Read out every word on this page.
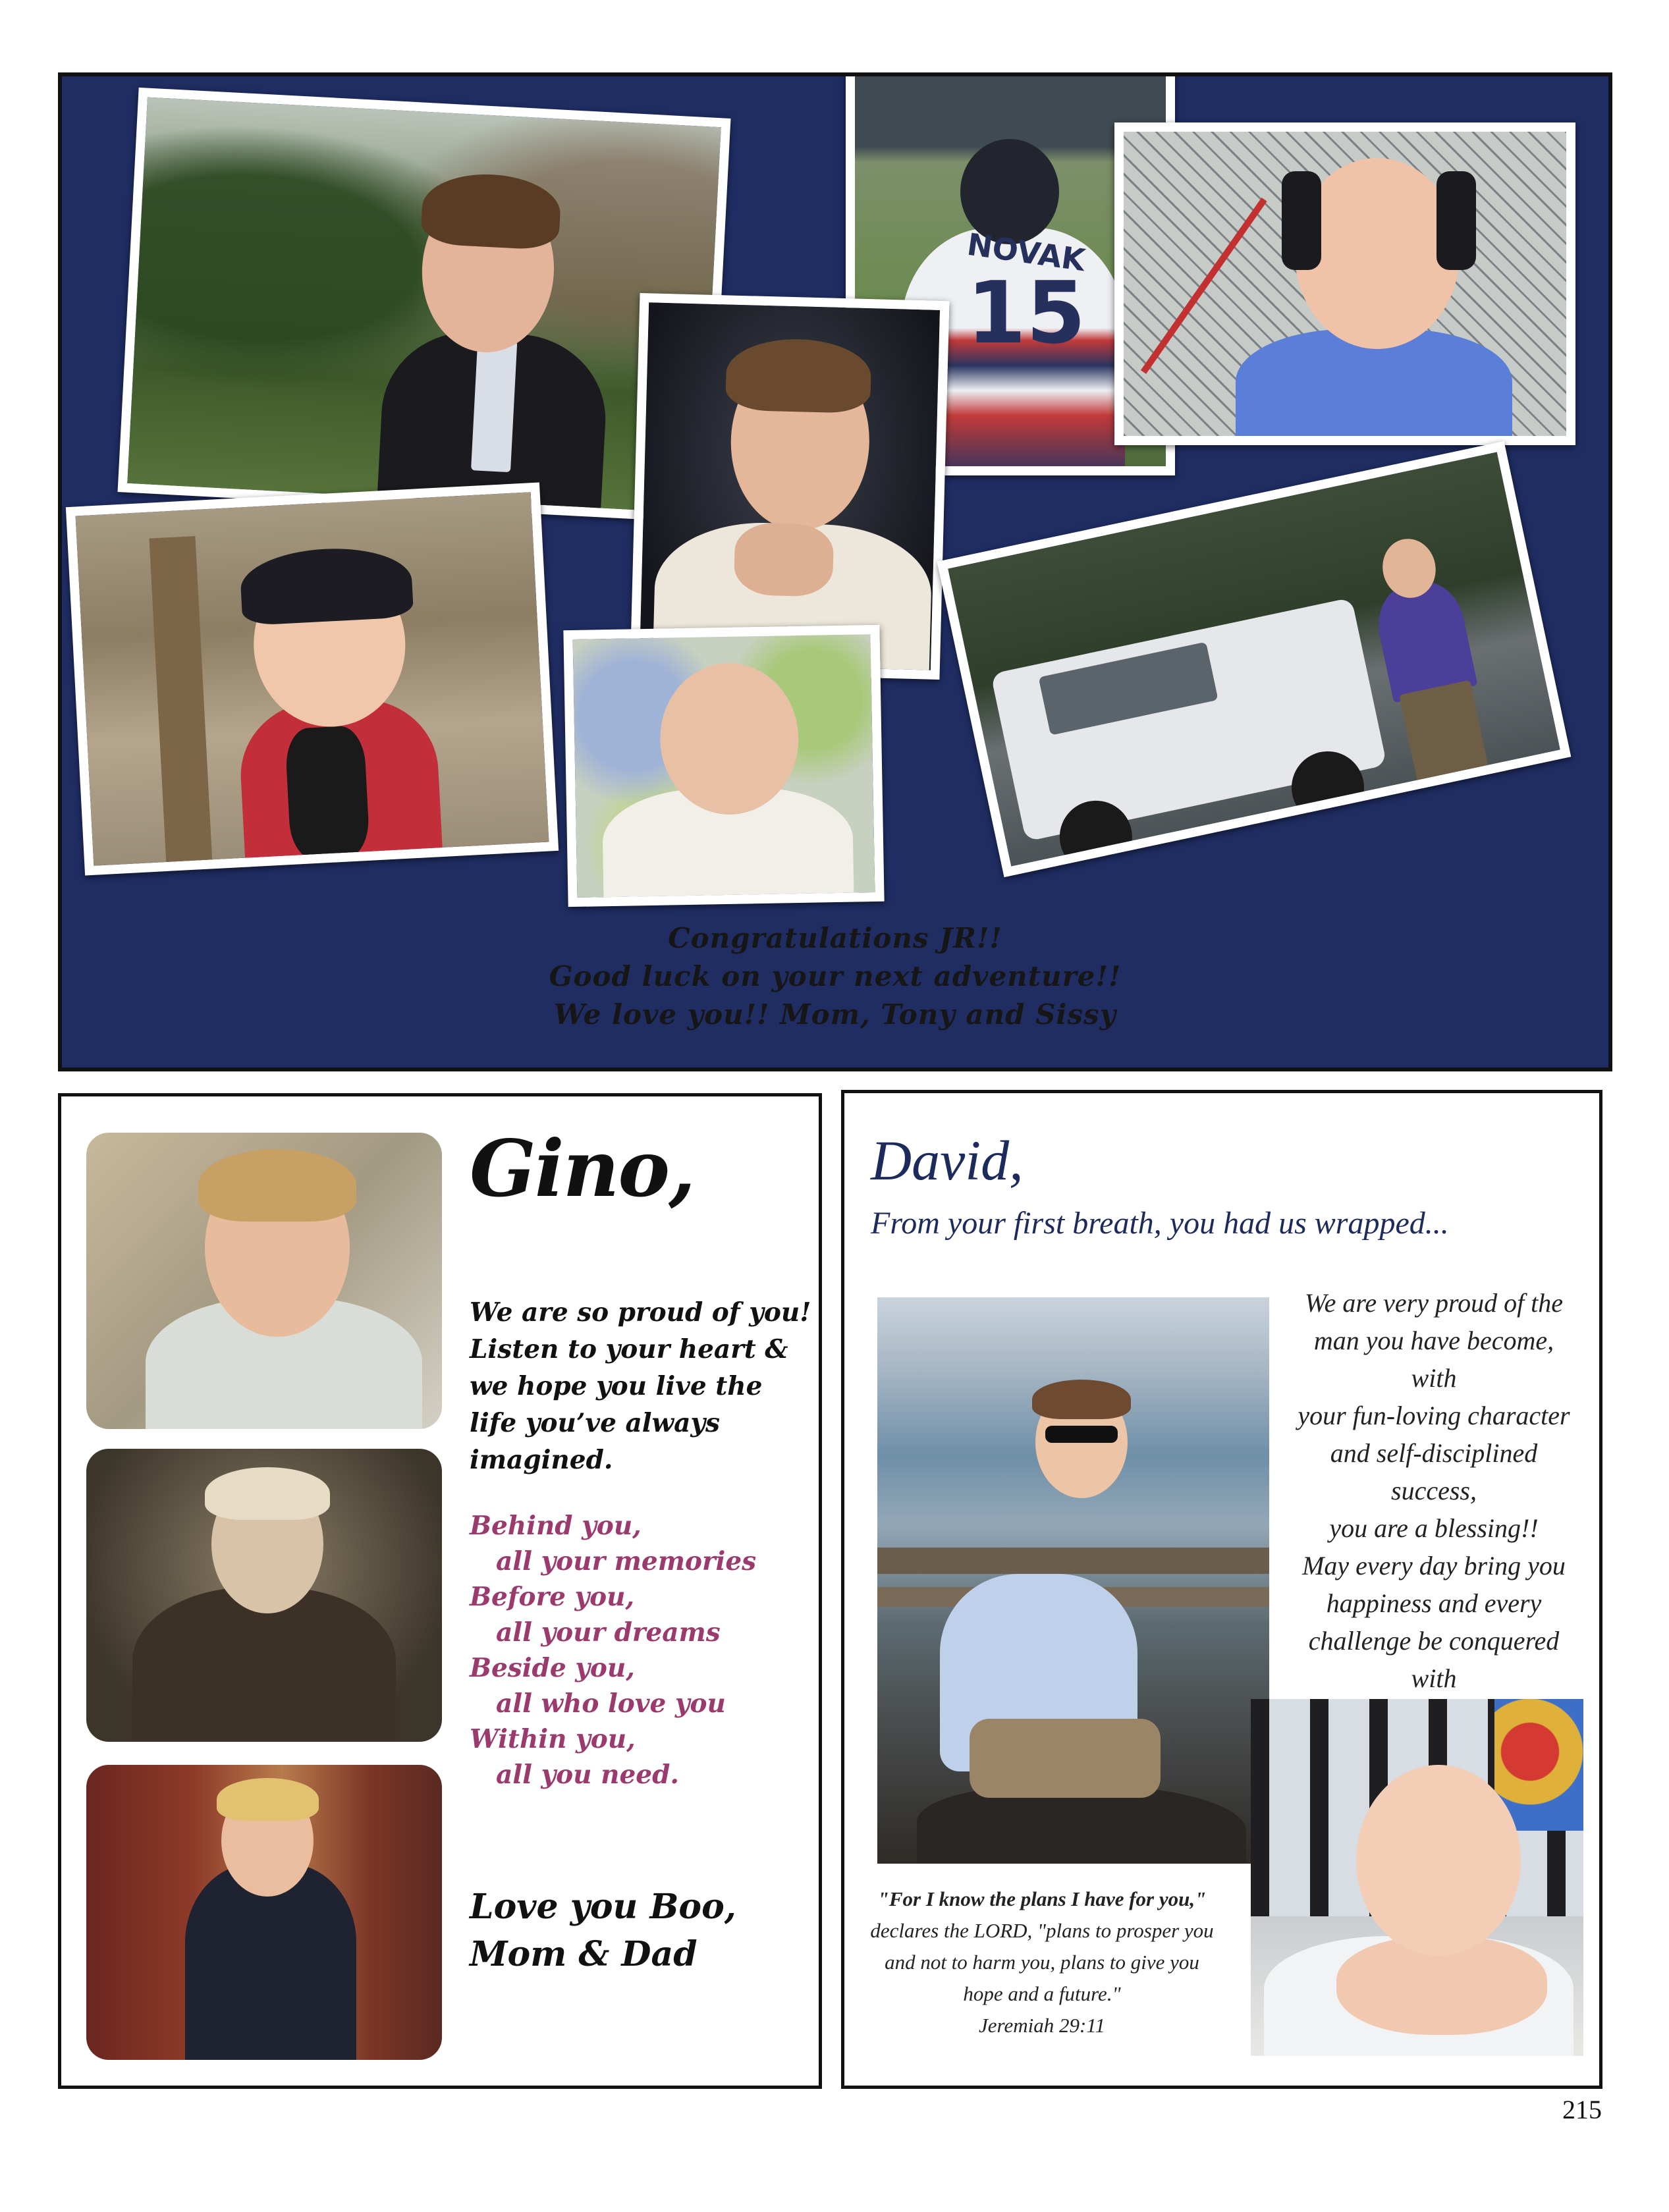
NOVAK
15
Congratulations JR!!
Good luck on your next adventure!!
We love you!! Mom, Tony and Sissy
Gino,
We are so proud of you! Listen to your heart & we hope you live the life you’ve always imagined.
Behind you,
all your memories
Before you,
all your dreams
Beside you,
all who love you
Within you,
all you need.
Love you Boo,
Mom & Dad
David,
From your first breath, you had us wrapped...
We are very proud of the
man you have become, with
your fun-loving character
and self-disciplined success,
you are a blessing!!
May every day bring you
happiness and every
challenge be conquered with
"For I know the plans I have for you,"
declares the LORD, "plans to prosper you
and not to harm you, plans to give you
hope and a future."
Jeremiah 29:11
215
